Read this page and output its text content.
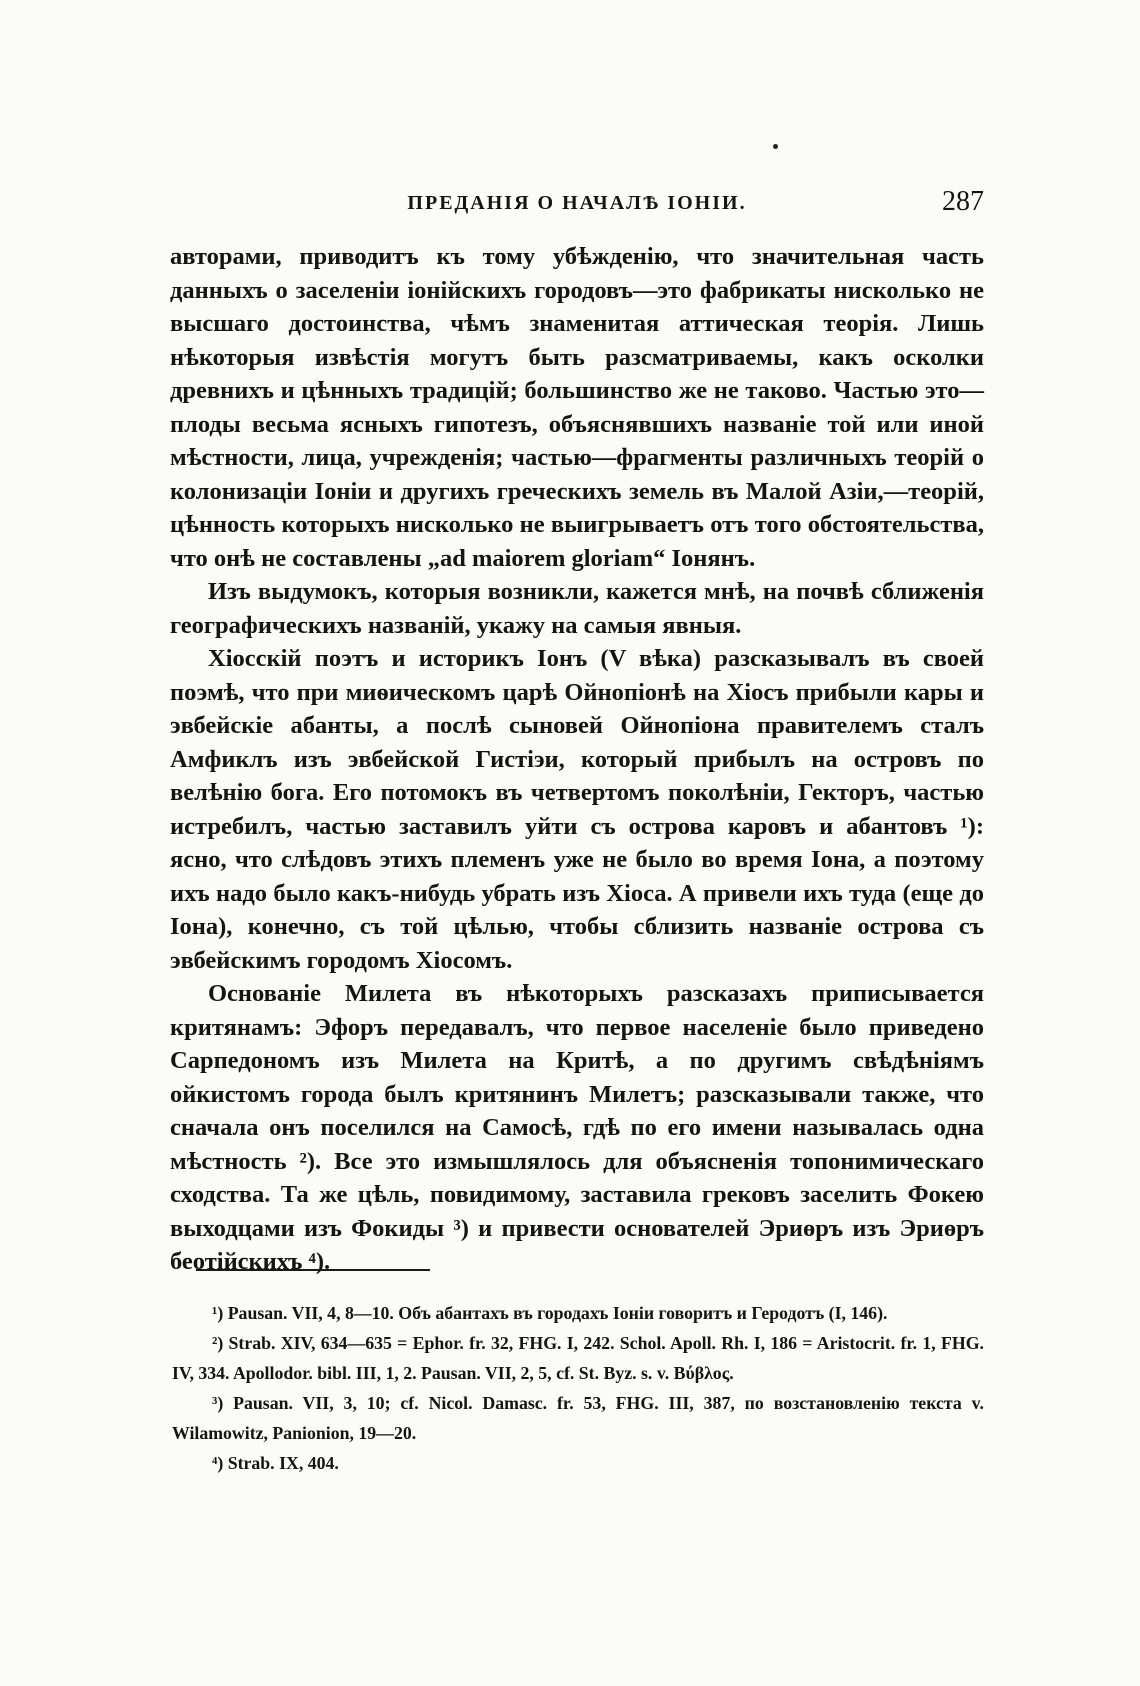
ПРЕДАНІЯ О НАЧАЛѢ ІОНІИ.	287

авторами, приводитъ къ тому убѣжденію, что значительная часть данныхъ о заселеніи іонійскихъ городовъ—это фабрикаты нисколько не высшаго достоинства, чѣмъ знаменитая аттическая теорія. Лишь нѣкоторыя извѣстія могутъ быть разсматриваемы, какъ осколки древнихъ и цѣнныхъ традицій; большинство же не таково. Частью это—плоды весьма ясныхъ гипотезъ, объяснявшихъ названіе той или иной мѣстности, лица, учрежденія; частью—фрагменты различныхъ теорій о колонизаціи Іоніи и другихъ греческихъ земель въ Малой Азіи,—теорій, цѣнность которыхъ нисколько не выигрываетъ отъ того обстоятельства, что онѣ не составлены „ad maiorem gloriam“ Іонянъ.

Изъ выдумокъ, которыя возникли, кажется мнѣ, на почвѣ сближенія географическихъ названій, укажу на самыя явныя.

Хіосскій поэтъ и историкъ Іонъ (V вѣка) разсказывалъ въ своей поэмѣ, что при миѳическомъ царѣ Ойнопіонѣ на Хіосъ прибыли кары и эвбейскіе абанты, а послѣ сыновей Ойнопіона правителемъ сталъ Амфиклъ изъ эвбейской Гистіэи, который прибылъ на островъ по велѣнію бога. Его потомокъ въ четвертомъ поколѣніи, Гекторъ, частью истребилъ, частью заставилъ уйти съ острова каровъ и абантовъ ¹): ясно, что слѣдовъ этихъ племенъ уже не было во время Іона, а поэтому ихъ надо было какъ-нибудь убрать изъ Хіоса. А привели ихъ туда (еще до Іона), конечно, съ той цѣлью, чтобы сблизить названіе острова съ эвбейскимъ городомъ Хіосомъ.

Основаніе Милета въ нѣкоторыхъ разсказахъ приписывается критянамъ: Эфоръ передавалъ, что первое населеніе было приведено Сарпедономъ изъ Милета на Критѣ, а по другимъ свѣдѣніямъ ойкистомъ города былъ критянинъ Милетъ; разсказывали также, что сначала онъ поселился на Самосѣ, гдѣ по его имени называлась одна мѣстность ²). Все это измышлялось для объясненія топонимическаго сходства. Та же цѣль, повидимому, заставила грековъ заселить Фокею выходцами изъ Фокиды ³) и привести основателей Эриөръ изъ Эриөръ беотійскихъ ⁴).

¹) Pausan. VII, 4, 8—10. Объ абантахъ въ городахъ Іоніи говоритъ и Геродотъ (I, 146).

²) Strab. XIV, 634—635 = Ephor. fr. 32, FHG. I, 242. Schol. Apoll. Rh. I, 186 = Aristocrit. fr. 1, FHG. IV, 334. Apollodor. bibl. III, 1, 2. Pausan. VII, 2, 5, cf. St. Byz. s. v. Βύβλος.

³) Pausan. VII, 3, 10; cf. Nicol. Damasc. fr. 53, FHG. III, 387, по возстановленію текста v. Wilamowitz, Panionion, 19—20.

⁴) Strab. IX, 404.
